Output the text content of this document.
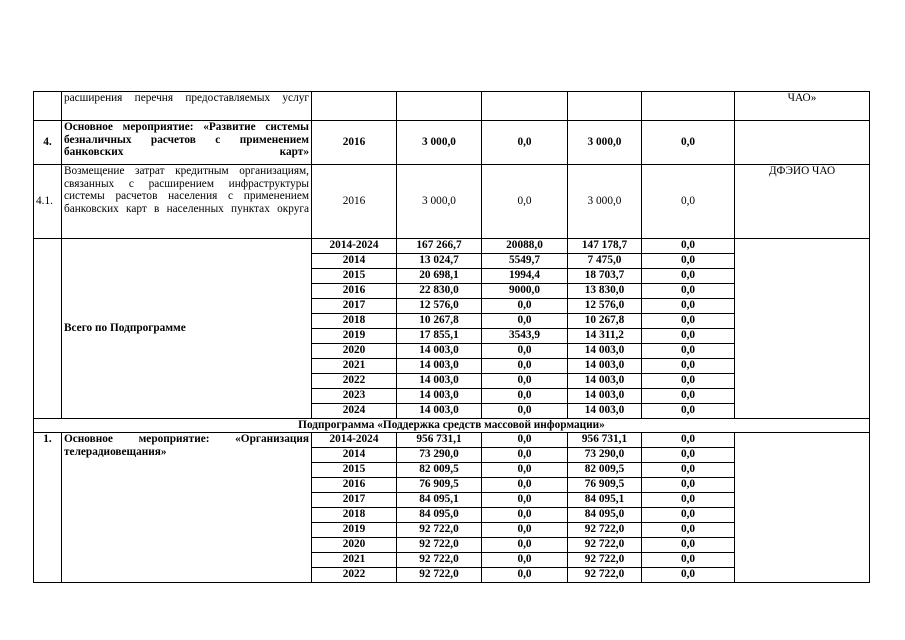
	расширения перечня предоставляемых услуг						ЧАО»
4.	Основное мероприятие: «Развитие системы безналичных расчетов с применением банковских карт»	2016	3 000,0	0,0	3 000,0	0,0	
4.1.	Возмещение затрат кредитным организациям, связанных с расширением инфраструктуры системы расчетов населения с применением банковских карт в населенных пунктах округа	2016	3 000,0	0,0	3 000,0	0,0	ДФЭИО ЧАО
	Всего по Подпрограмме	2014-2024	167 266,7	20088,0	147 178,7	0,0	
		2014	13 024,7	5549,7	7 475,0	0,0	
		2015	20 698,1	1994,4	18 703,7	0,0	
		2016	22 830,0	9000,0	13 830,0	0,0	
		2017	12 576,0	0,0	12 576,0	0,0	
		2018	10 267,8	0,0	10 267,8	0,0	
		2019	17 855,1	3543,9	14 311,2	0,0	
		2020	14 003,0	0,0	14 003,0	0,0	
		2021	14 003,0	0,0	14 003,0	0,0	
		2022	14 003,0	0,0	14 003,0	0,0	
		2023	14 003,0	0,0	14 003,0	0,0	
		2024	14 003,0	0,0	14 003,0	0,0	
Подпрограмма «Поддержка средств массовой информации»							
1.	Основное мероприятие: «Организация телерадиовещания»	2014-2024	956 731,1	0,0	956 731,1	0,0	
		2014	73 290,0	0,0	73 290,0	0,0	
		2015	82 009,5	0,0	82 009,5	0,0	
		2016	76 909,5	0,0	76 909,5	0,0	
		2017	84 095,1	0,0	84 095,1	0,0	
		2018	84 095,0	0,0	84 095,0	0,0	
		2019	92 722,0	0,0	92 722,0	0,0	
		2020	92 722,0	0,0	92 722,0	0,0	
		2021	92 722,0	0,0	92 722,0	0,0	
		2022	92 722,0	0,0	92 722,0	0,0	
